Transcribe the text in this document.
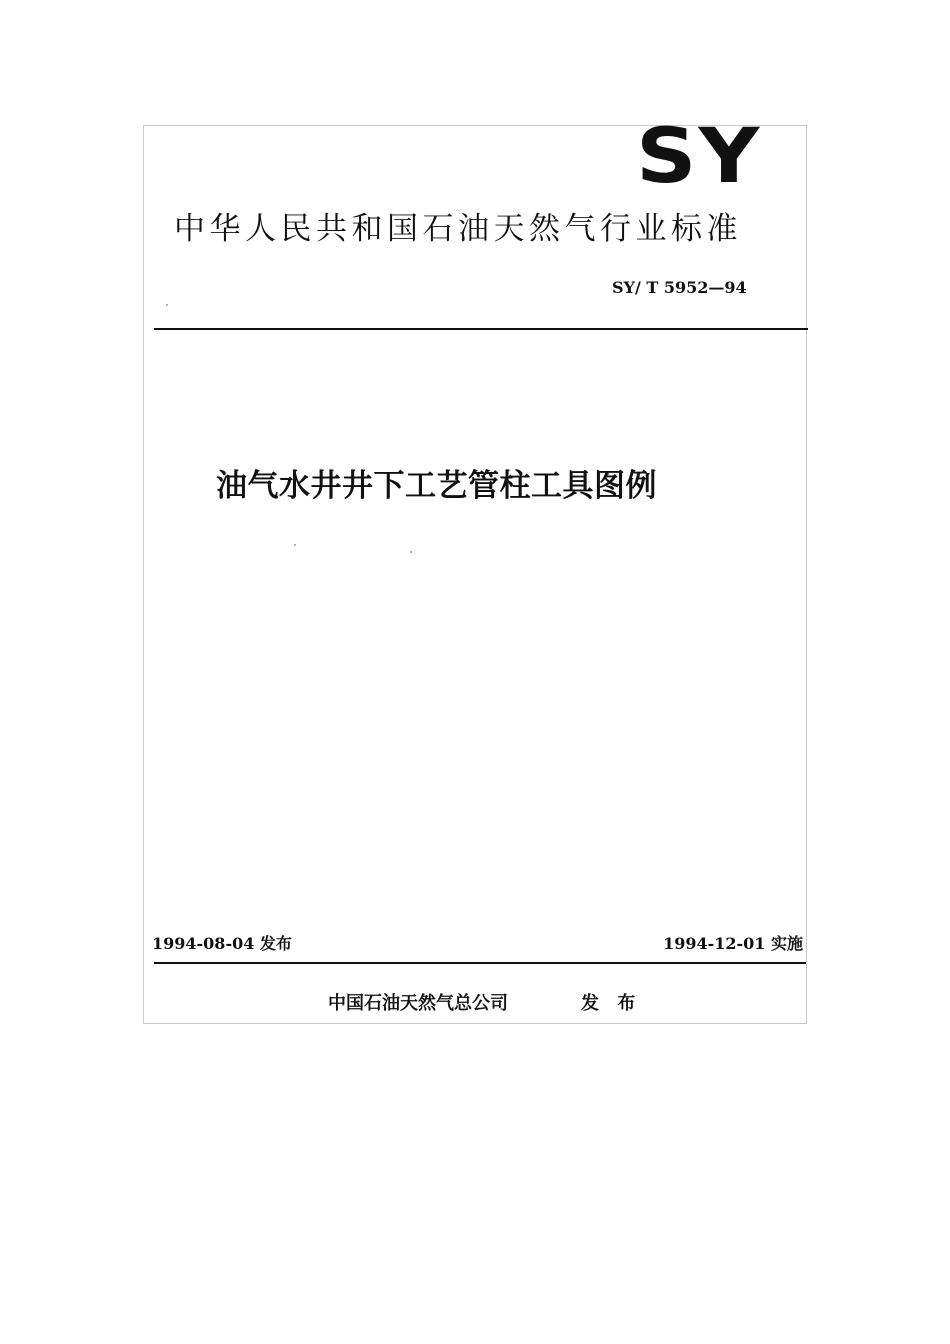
SY
中华人民共和国石油天然气行业标准
SY/ T 5952—94
油气水井井下工艺管柱工具图例
1994-08-04 发布	1994-12-01 实施
中国石油天然气总公司	发 布
